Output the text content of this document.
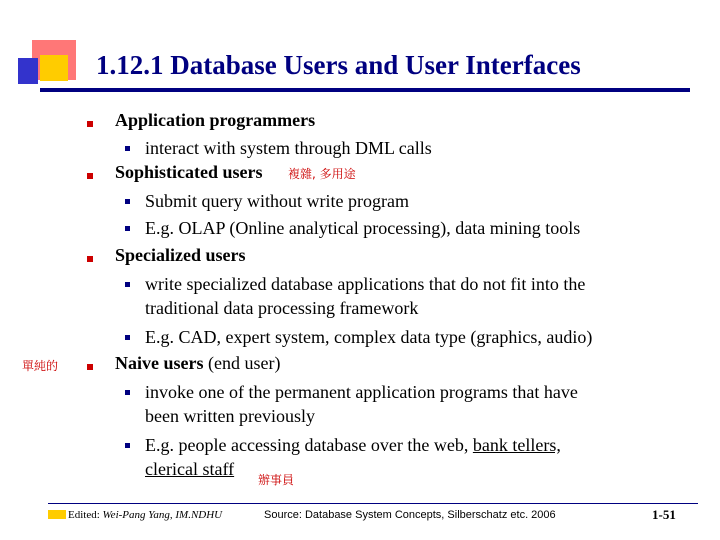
1.12.1 Database Users and User Interfaces
Application programmers
interact with system through DML calls
Sophisticated users 複雜, 多用途
Submit query without write program
E.g. OLAP (Online analytical processing), data mining tools
Specialized users
write specialized database applications that do not fit into the
traditional data processing framework
E.g. CAD, expert system, complex data type (graphics, audio)
單純的	Naive users (end user)
invoke one of the permanent application programs that have
been written previously
E.g. people accessing database over the web, bank tellers,
clerical staff
辦事員
Edited: Wei-Pang Yang, IM.NDHU	Source: Database System Concepts, Silberschatz etc. 2006	1-51
